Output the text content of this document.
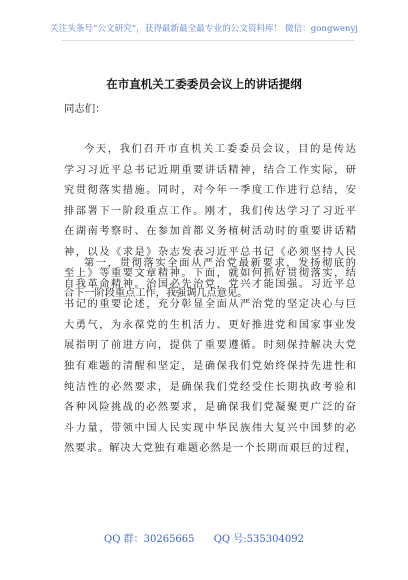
关注头条号“公文研究”，获得最新最全最专业的公文资料库！ 微信：gongwenyj
在市直机关工委委员会议上的讲话提纲
同志们：
今天，我们召开市直机关工委委员会议，目的是传达
学习习近平总书记近期重要讲话精神，结合工作实际，研
究贯彻落实措施。同时，对今年一季度工作进行总结，安
排部署下一阶段重点工作。刚才，我们传达学习了习近平
在湖南考察时、在参加首都义务植树活动时的重要讲话精
神，以及《求是》杂志发表习近平总书记《必须坚持人民
至上》等重要文章精神。下面，就如何抓好贯彻落实，结
合下一阶段重点工作，我强调几点意见。
第一，贯彻落实全面从严治党最新要求，发扬彻底的
自我革命精神。治国必先治党，党兴才能国强。习近平总
书记的重要论述，充分彰显全面从严治党的坚定决心与巨
大勇气，为永葆党的生机活力、更好推进党和国家事业发
展指明了前进方向，提供了重要遵循。时刻保持解决大党
独有难题的清醒和坚定，是确保我们党始终保持先进性和
纯洁性的必然要求，是确保我们党经受住长期执政考验和
各种风险挑战的必然要求，是确保我们党凝聚更广泛的奋
斗力量，带领中国人民实现中华民族伟大复兴中国梦的必
然要求。解决大党独有难题必然是一个长期而艰巨的过程，
QQ 群：30265665 QQ 号:535304092
